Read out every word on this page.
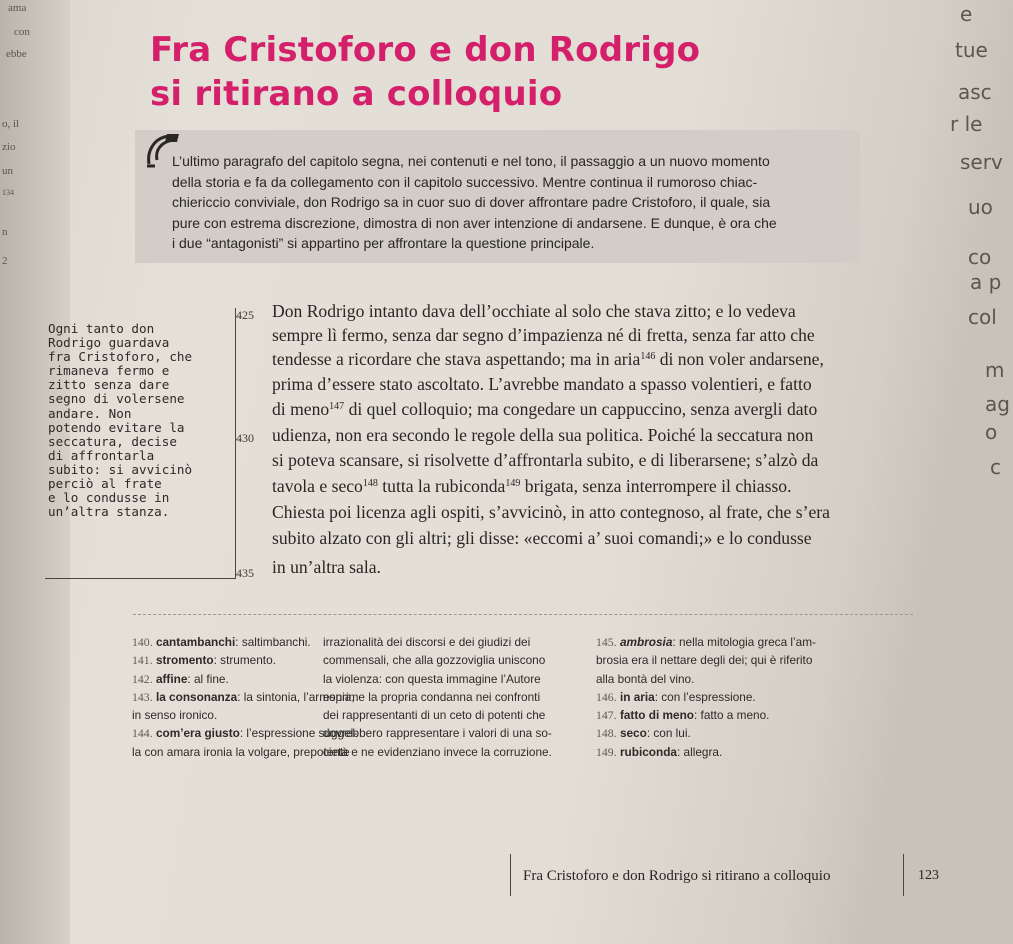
ama
con
ebbe
o, il
zio
un
134
n
2
e
tue
asc
r le
serv
uo
co
a p
col
m
ag
o
c
Fra Cristoforo e don Rodrigo
si ritirano a colloquio
L’ultimo paragrafo del capitolo segna, nei contenuti e nel tono, il passaggio a un nuovo momento
della storia e fa da collegamento con il capitolo successivo. Mentre continua il rumoroso chiac-
chiericcio conviviale, don Rodrigo sa in cuor suo di dover affrontare padre Cristoforo, il quale, sia
pure con estrema discrezione, dimostra di non aver intenzione di andarsene. E dunque, è ora che
i due “antagonisti” si appartino per affrontare la questione principale.
Ogni tanto don
Rodrigo guardava
fra Cristoforo, che
rimaneva fermo e
zitto senza dare
segno di volersene
andare. Non
potendo evitare la
seccatura, decise
di affrontarla
subito: si avvicinò
perciò al frate
e lo condusse in
un’altra stanza.
425
430
435
Don Rodrigo intanto dava dell’occhiate al solo che stava zitto; e lo vedeva
sempre lì fermo, senza dar segno d’impazienza né di fretta, senza far atto che
tendesse a ricordare che stava aspettando; ma in aria$^{146}$ di non voler andarsene,
prima d’essere stato ascoltato. L’avrebbe mandato a spasso volentieri, e fatto
di meno$^{147}$ di quel colloquio; ma congedare un cappuccino, senza avergli dato
udienza, non era secondo le regole della sua politica. Poiché la seccatura non
si poteva scansare, si risolvette d’affrontarla subito, e di liberarsene; s’alzò da
tavola e seco$^{148}$ tutta la rubiconda$^{149}$ brigata, senza interrompere il chiasso.
Chiesta poi licenza agli ospiti, s’avvicinò, in atto contegnoso, al frate, che s’era
subito alzato con gli altri; gli disse: «eccomi a’ suoi comandi;» e lo condusse
in un’altra sala.
140. cantambanchi: saltimbanchi.
141. stromento: strumento.
142. affine: al fine.
143. la consonanza: la sintonia, l’armonia,
in senso ironico.
144. com’era giusto: l’espressione suggel-
la con amara ironia la volgare, prepotente
irrazionalità dei discorsi e dei giudizi dei
commensali, che alla gozzoviglia uniscono
la violenza: con questa immagine l’Autore
esprime la propria condanna nei confronti
dei rappresentanti di un ceto di potenti che
dovrebbero rappresentare i valori di una so-
cietà e ne evidenziano invece la corruzione.
145. ambrosia: nella mitologia greca l’am-
brosia era il nettare degli dei; qui è riferito
alla bontà del vino.
146. in aria: con l’espressione.
147. fatto di meno: fatto a meno.
148. seco: con lui.
149. rubiconda: allegra.
Fra Cristoforo e don Rodrigo si ritirano a colloquio	123
